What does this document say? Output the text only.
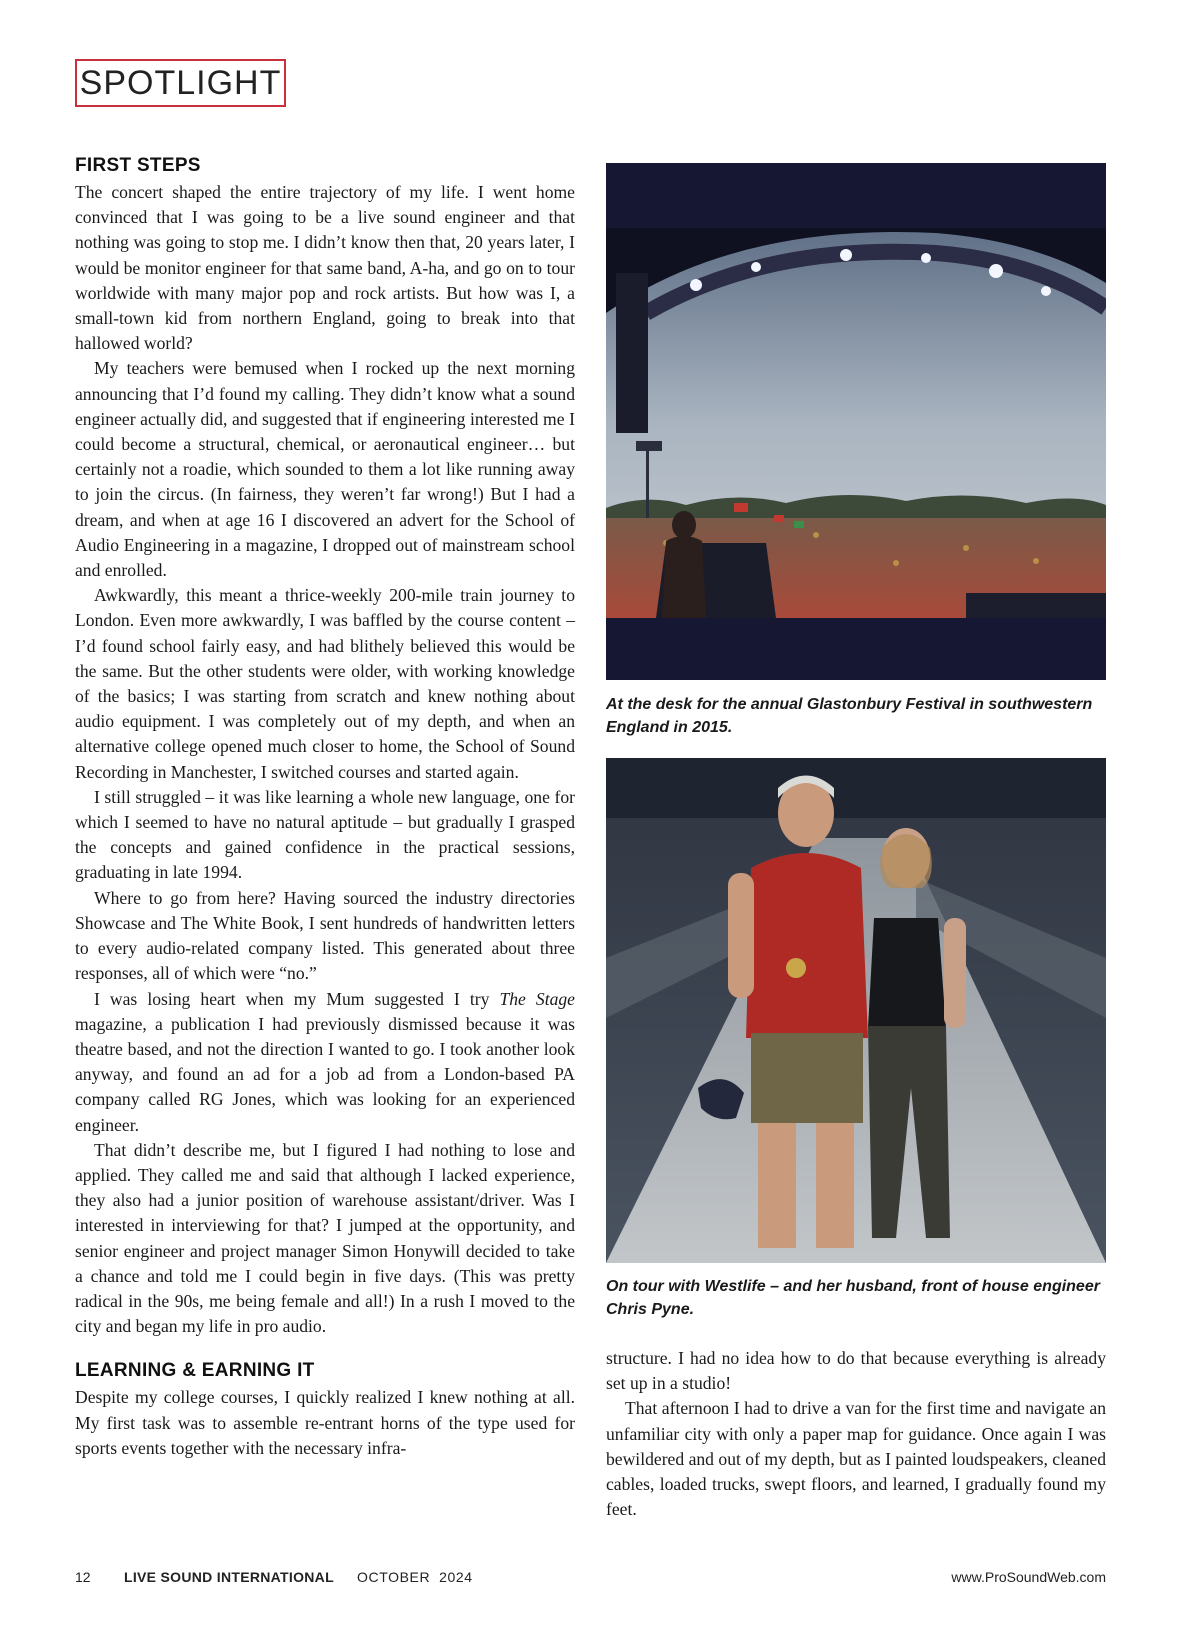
SPOTLIGHT
FIRST STEPS

The concert shaped the entire trajectory of my life. I went home convinced that I was going to be a live sound engineer and that nothing was going to stop me. I didn’t know then that, 20 years later, I would be monitor engineer for that same band, A-ha, and go on to tour worldwide with many major pop and rock artists. But how was I, a small-town kid from northern England, going to break into that hallowed world?

My teachers were bemused when I rocked up the next morning announcing that I’d found my calling. They didn’t know what a sound engineer actually did, and suggested that if engineering interested me I could become a structural, chemical, or aeronautical engineer… but certainly not a roadie, which sounded to them a lot like running away to join the circus. (In fairness, they weren’t far wrong!) But I had a dream, and when at age 16 I discovered an advert for the School of Audio Engineering in a magazine, I dropped out of mainstream school and enrolled.

Awkwardly, this meant a thrice-weekly 200-mile train journey to London. Even more awkwardly, I was baffled by the course content – I’d found school fairly easy, and had blithely believed this would be the same. But the other students were older, with working knowledge of the basics; I was starting from scratch and knew nothing about audio equipment. I was completely out of my depth, and when an alternative college opened much closer to home, the School of Sound Recording in Manchester, I switched courses and started again.

I still struggled – it was like learning a whole new language, one for which I seemed to have no natural aptitude – but gradually I grasped the concepts and gained confidence in the practical sessions, graduating in late 1994.

Where to go from here? Having sourced the industry directories Showcase and The White Book, I sent hundreds of handwritten letters to every audio-related company listed. This generated about three responses, all of which were “no.”

I was losing heart when my Mum suggested I try The Stage magazine, a publication I had previously dismissed because it was theatre based, and not the direction I wanted to go. I took another look anyway, and found an ad for a job ad from a London-based PA company called RG Jones, which was looking for an experienced engineer.

That didn’t describe me, but I figured I had nothing to lose and applied. They called me and said that although I lacked experience, they also had a junior position of warehouse assistant/driver. Was I interested in interviewing for that? I jumped at the opportunity, and senior engineer and project manager Simon Honywill decided to take a chance and told me I could begin in five days. (This was pretty radical in the 90s, me being female and all!) In a rush I moved to the city and began my life in pro audio.

LEARNING & EARNING IT

Despite my college courses, I quickly realized I knew nothing at all. My first task was to assemble re-entrant horns of the type used for sports events together with the necessary infra-

At the desk for the annual Glastonbury Festival in southwestern England in 2015.
On tour with Westlife – and her husband, front of house engineer Chris Pyne.

structure. I had no idea how to do that because everything is already set up in a studio!

That afternoon I had to drive a van for the first time and navigate an unfamiliar city with only a paper map for guidance. Once again I was bewildered and out of my depth, but as I painted loudspeakers, cleaned cables, loaded trucks, swept floors, and learned, I gradually found my feet.

12 LIVE SOUND INTERNATIONAL OCTOBER  2024	www.ProSoundWeb.com
